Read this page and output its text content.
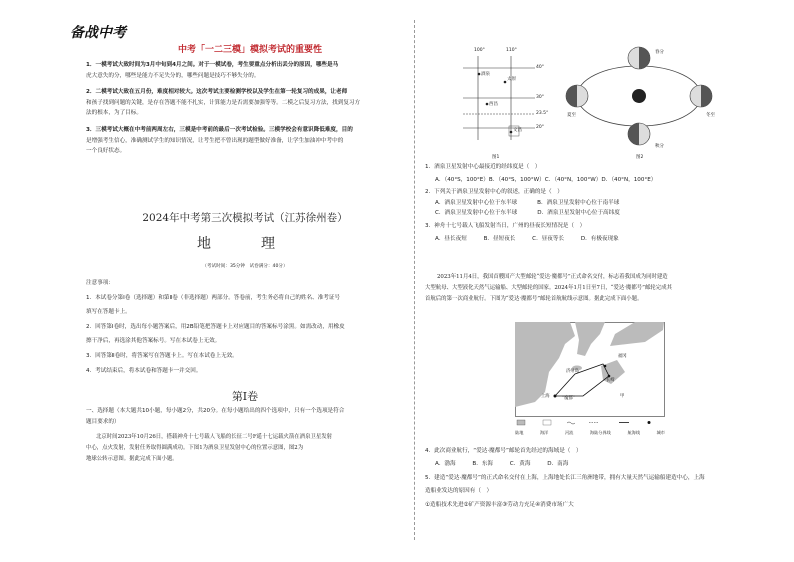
备战中考
中考「一二三模」模拟考试的重要性
1．一模考试大致时间为3月中旬到4月之间。对于一模试卷，考生要重点分析出丢分的原因，哪些是马
虎大意失的分，哪些是能力不足失分的，哪些问题是技巧不够失分的。
2．二模考试大致在五月份，难度相对较大。这次考试主要检测学校以及学生在第一轮复习的成果，让老师
和孩子找到问题的关键，是存在答题不能不扎实，计算能力是否需要加强等等。二模之后复习方法，找到复习方
法的根本，为了目标。
3．三模考试大概在中考前两周左右，三模是中考前的最后一次考试检验。三模学校会有意识降低难度，目的
是增强考生信心，准确测试学生的知识情况，让考生把不曾出现的题型做好准备，让学生加油冲中考中的
一个良好状态。
2024年中考第三次模拟考试（江苏徐州卷）
地　理
（考试时间：35分钟　试卷满分：40分）
注意事项：
1．本试卷分第Ⅰ卷（选择题）和第Ⅱ卷（非选择题）两部分。答卷前，考生务必将自己的姓名、准考证号
填写在答题卡上。
2．回答第Ⅰ卷时，选出每小题答案后，用2B铅笔把答题卡上对应题目的答案标号涂黑。如需改动，用橡皮
擦干净后，再选涂其他答案标号。写在本试卷上无效。
3．回答第Ⅱ卷时，将答案写在答题卡上。写在本试卷上无效。
4．考试结束后，将本试卷和答题卡一并交回。
第Ⅰ卷
一、选择题（本大题共10小题，每小题2分，共20分。在每小题给出的四个选项中，只有一个选项是符合
题目要求的）
北京时间2023年10月26日，搭载神舟十七号载人飞船的长征二号F遥十七运载火箭在酒泉卫星发射
中心，点火发射，发射任务取得圆满成功。下图1为酒泉卫星发射中心的位置示意图，图2为
地球公转示意图。据此完成下面小题。
100°	110°
40°
30°
23.5°
20°
酒泉
太原
西昌
文昌
图1
春分
夏至	冬至
秋分
图2
1．酒泉卫星发射中心最接近的经纬度是（　）
A．（40°S，100°E）B．（40°S，100°W）C．（40°N，100°W）D．（40°N，100°E）
2．下列关于酒泉卫星发射中心的叙述，正确的是（　）
A．酒泉卫星发射中心位于东半球	B．酒泉卫星发射中心位于南半球
C．酒泉卫星发射中心位于东半球	D．酒泉卫星发射中心位于高纬度
3．神舟十七号载人飞船发射当日，广州的昼夜长短情况是（　）
A．昼长夜短　　　B．昼短夜长　　　C．昼夜等长　　　D．有极夜现象
2023年11月4日，我国首艘国产大型邮轮“爱达·魔都号”正式命名交付，标志着我国成为同时建造
大型航母、大型液化天然气运输船、大型邮轮的国家。2024年1月1日至7日，“爱达·魔都号”邮轮完成其
首航后的第一次商业航行。下图为“爱达·魔都号”邮轮首航航线示意图。据此完成下面小题。
济州岛
福冈
长崎
上海	“魔都”	甲
陆地	海洋	河流	海陆分界线	航海线	城市
4．此次商业航行，“爱达·魔都号”邮轮首先经过的海域是（　）
A．渤海　　　B．东海　　　C．黄海　　　D．南海
5．建造“爱达·魔都号”的正式命名交付在上海，上海地处长江三角洲地带，拥有大量天然气运输船建造中心，上海
造船业发达的原因有（　）
①造船技术先进②矿产资源丰富③劳动力充足④消费市场广大
